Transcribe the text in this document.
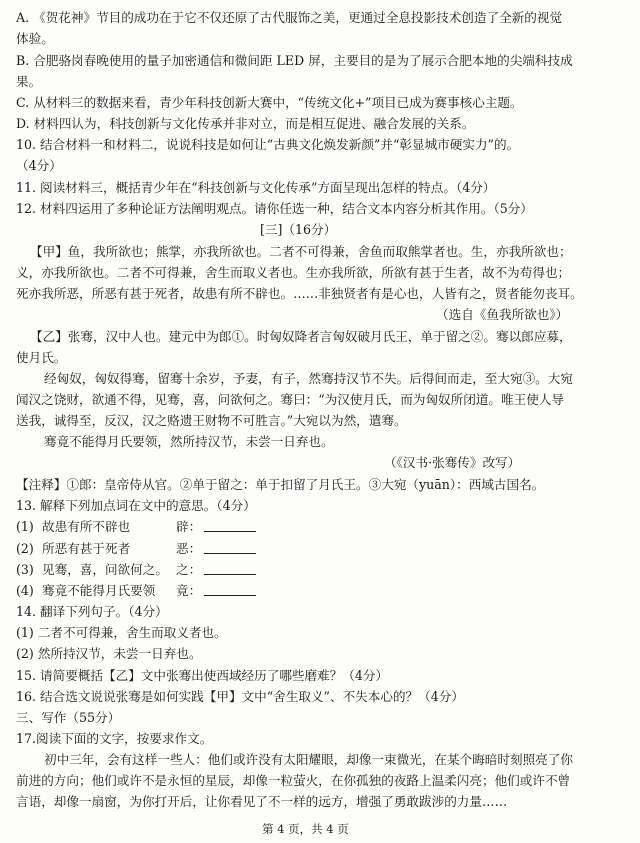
A. 《贺花神》节目的成功在于它不仅还原了古代服饰之美，更通过全息投影技术创造了全新的视觉
体验。
B. 合肥骆岗春晚使用的量子加密通信和微间距 LED 屏，主要目的是为了展示合肥本地的尖端科技成
果。
C. 从材料三的数据来看，青少年科技创新大赛中，“传统文化+”项目已成为赛事核心主题。
D. 材料四认为，科技创新与文化传承并非对立，而是相互促进、融合发展的关系。
10. 结合材料一和材料二，说说科技是如何让“古典文化焕发新颜”并“彰显城市硬实力”的。
（4分）
11. 阅读材料三，概括青少年在“科技创新与文化传承”方面呈现出怎样的特点。（4分）
12. 材料四运用了多种论证方法阐明观点。请你任选一种，结合文本内容分析其作用。（5分）
[三]（16分）
【甲】鱼，我所欲也；熊掌，亦我所欲也。二者不可得兼，舍鱼而取熊掌者也。生，亦我所欲也；
义，亦我所欲也。二者不可得兼，舍生而取义者也。生亦我所欲，所欲有甚于生者，故不为苟得也；
死亦我所恶，所恶有甚于死者，故患有所不辟也。……非独贤者有是心也，人皆有之，贤者能勿丧耳。
（选自《鱼我所欲也》）
【乙】张骞，汉中人也。建元中为郎①。时匈奴降者言匈奴破月氏王，单于留之②。骞以郎应募，
使月氏。
经匈奴，匈奴得骞，留骞十余岁，予妻，有子，然骞持汉节不失。后得间而走，至大宛③。大宛
闻汉之饶财，欲通不得，见骞，喜，问欲何之。骞曰：“为汉使月氏，而为匈奴所闭道。唯王使人导
送我，诚得至，反汉，汉之赂遗王财物不可胜言。”大宛以为然，遣骞。
骞竟不能得月氏要领，然所持汉节，未尝一日弃也。
（《汉书·张骞传》改写）
【注释】①郎：皇帝侍从官。②单于留之：单于扣留了月氏王。③大宛（yuān）：西域古国名。
13. 解释下列加点词在文中的意思。（4分）
(1) 故患有所不辟也	辟：
(2) 所恶有甚于死者	恶：
(3) 见骞，喜，问欲何之。 之：
(4) 骞竟不能得月氏要领 竟：
14. 翻译下列句子。（4分）
(1) 二者不可得兼，舍生而取义者也。
(2) 然所持汉节，未尝一日弃也。
15. 请简要概括【乙】文中张骞出使西域经历了哪些磨难？（4分）
16. 结合选文说说张骞是如何实践【甲】文中“舍生取义”、不失本心的？（4分）
三、写作（55分）
17.阅读下面的文字，按要求作文。
初中三年，会有这样一些人：他们或许没有太阳耀眼，却像一束微光，在某个晦暗时刻照亮了你
前进的方向；他们或许不是永恒的星辰，却像一粒萤火，在你孤独的夜路上温柔闪亮；他们或许不曾
言语，却像一扇窗，为你打开后，让你看见了不一样的远方，增强了勇敢跋涉的力量……
第 4 页，共 4 页
